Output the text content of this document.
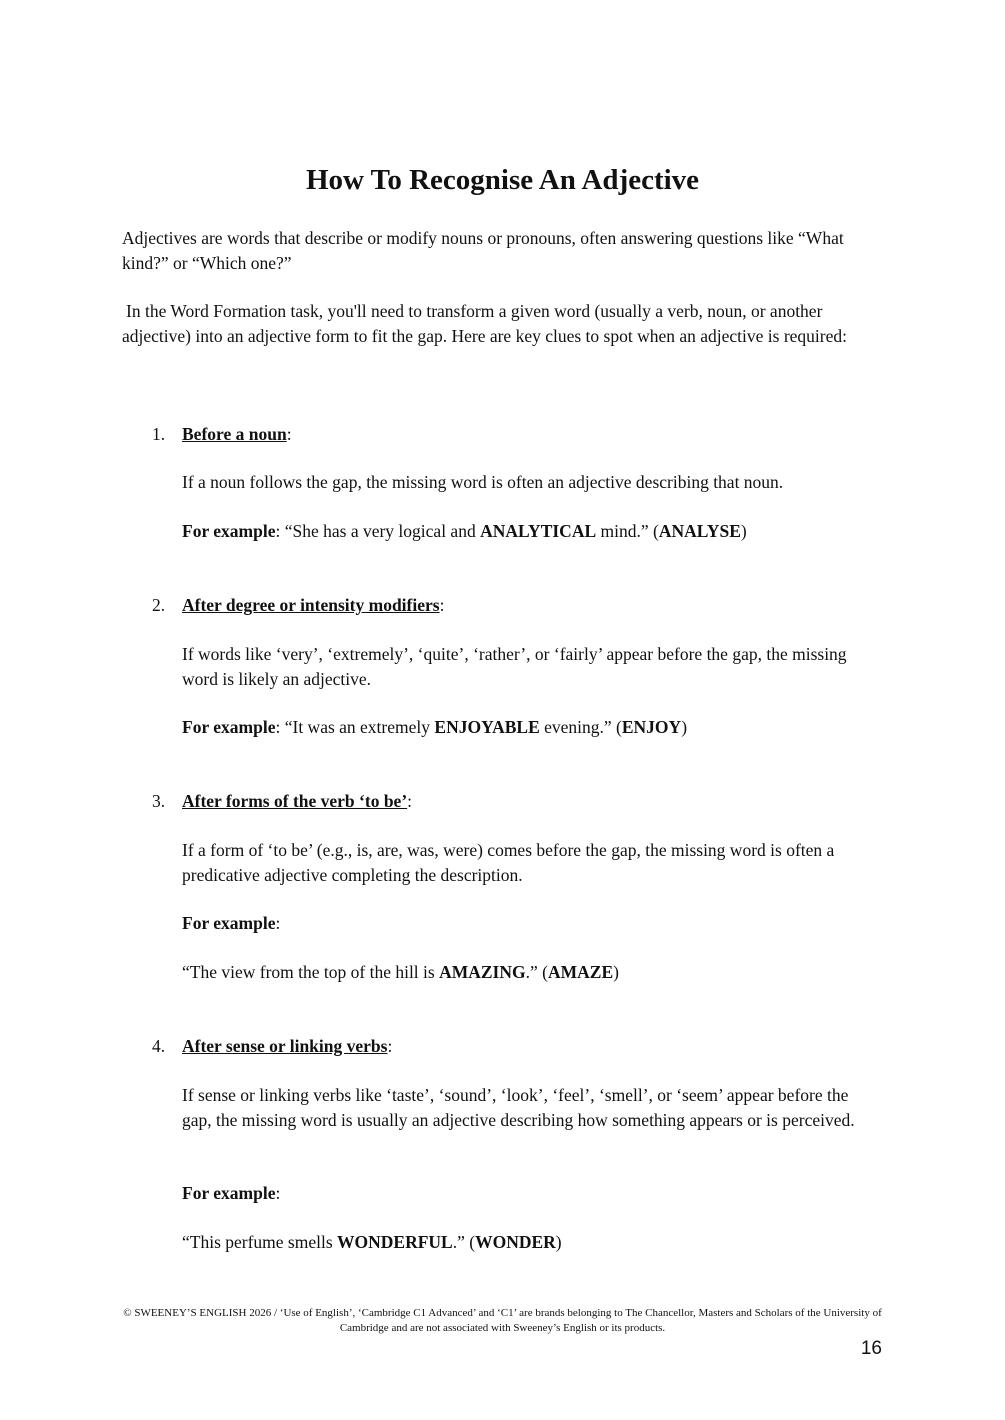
How To Recognise An Adjective

Adjectives are words that describe or modify nouns or pronouns, often answering questions like “What kind?” or “Which one?”

In the Word Formation task, you'll need to transform a given word (usually a verb, noun, or another adjective) into an adjective form to fit the gap. Here are key clues to spot when an adjective is required:

1. Before a noun:

If a noun follows the gap, the missing word is often an adjective describing that noun.

For example: “She has a very logical and ANALYTICAL mind.” (ANALYSE)

2. After degree or intensity modifiers:

If words like ‘very’, ‘extremely’, ‘quite’, ‘rather’, or ‘fairly’ appear before the gap, the missing word is likely an adjective.

For example: “It was an extremely ENJOYABLE evening.” (ENJOY)

3. After forms of the verb ‘to be’:

If a form of ‘to be’ (e.g., is, are, was, were) comes before the gap, the missing word is often a predicative adjective completing the description.

For example:

“The view from the top of the hill is AMAZING.” (AMAZE)

4. After sense or linking verbs:

If sense or linking verbs like ‘taste’, ‘sound’, ‘look’, ‘feel’, ‘smell’, or ‘seem’ appear before the gap, the missing word is usually an adjective describing how something appears or is perceived.

For example:

“This perfume smells WONDERFUL.” (WONDER)

© SWEENEY’S ENGLISH 2026 / ‘Use of English’, ‘Cambridge C1 Advanced’ and ‘C1’ are brands belonging to The Chancellor, Masters and Scholars of the University of Cambridge and are not associated with Sweeney’s English or its products.

16
